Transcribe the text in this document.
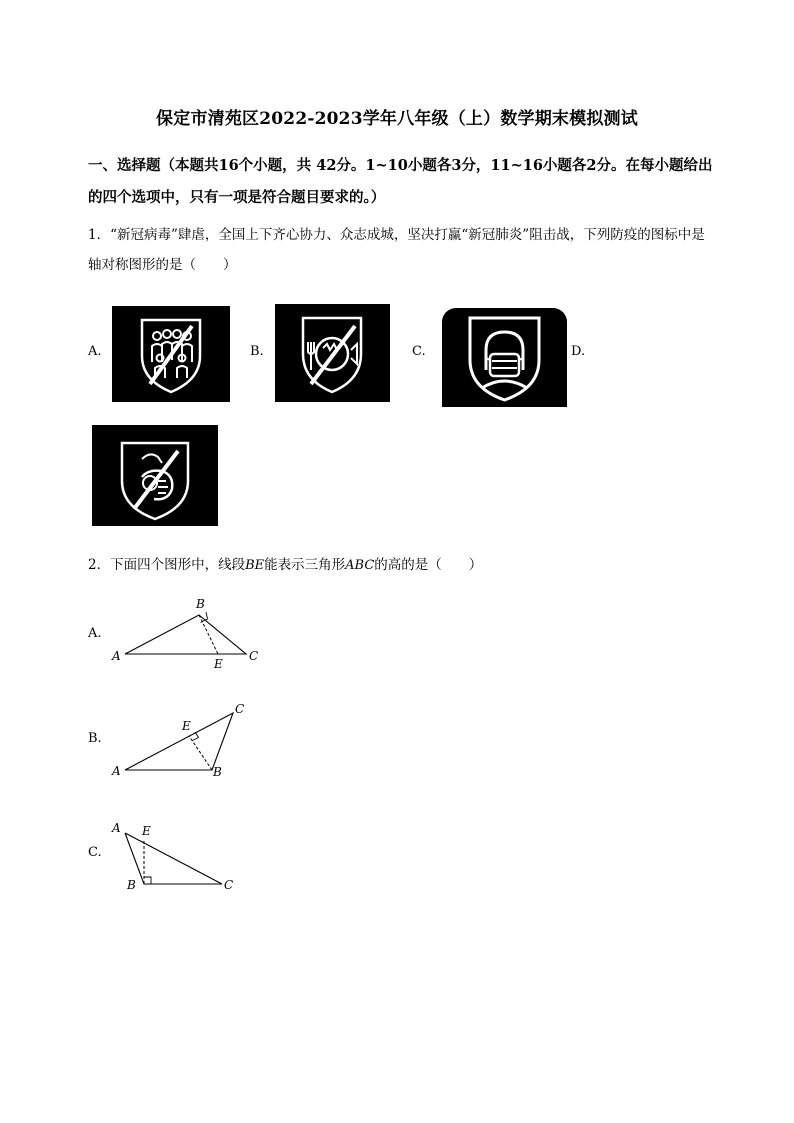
保定市清苑区2022-2023学年八年级（上）数学期末模拟测试
一、选择题（本题共16个小题，共 42分。1~10小题各3分，11~16小题各2分。在每小题给出的四个选项中，只有一项是符合题目要求的。）
1．“新冠病毒”肆虐，全国上下齐心协力、众志成城，坚决打赢“新冠肺炎”阻击战，下列防疫的图标中是轴对称图形的是（　　）
A.	B.	C.	D.
2．下面四个图形中，线段BE能表示三角形ABC的高的是（　　）
A.
B
A
E
C
B.
C
E
A	B
C.
A E
B	C
